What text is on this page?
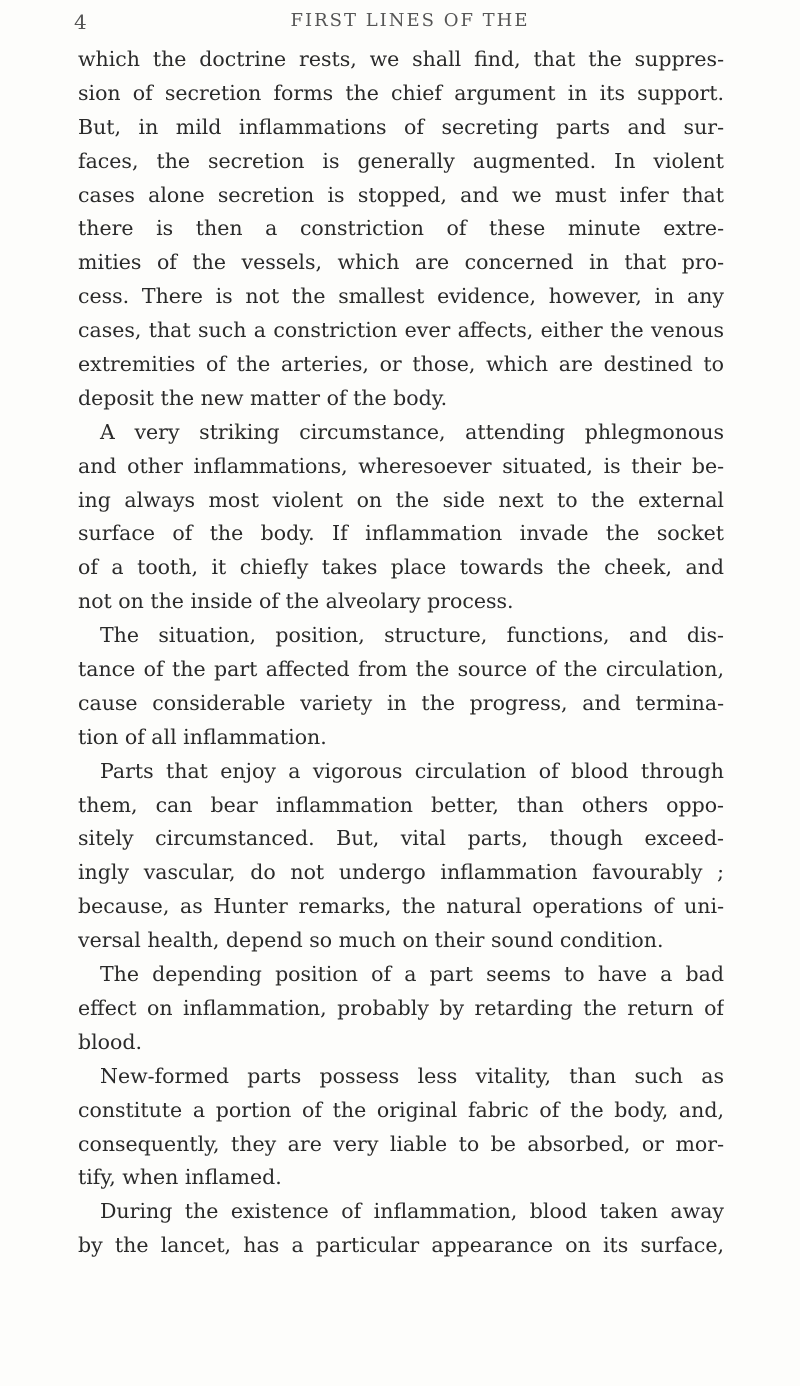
4	FIRST LINES OF THE
which the doctrine rests, we shall find, that the suppres-
sion of secretion forms the chief argument in its support.
But, in mild inflammations of secreting parts and sur-
faces, the secretion is generally augmented. In violent
cases alone secretion is stopped, and we must infer that
there is then a constriction of these minute extre-
mities of the vessels, which are concerned in that pro-
cess. There is not the smallest evidence, however, in any
cases, that such a constriction ever affects, either the venous
extremities of the arteries, or those, which are destined to
deposit the new matter of the body.
A very striking circumstance, attending phlegmonous
and other inflammations, wheresoever situated, is their be-
ing always most violent on the side next to the external
surface of the body. If inflammation invade the socket
of a tooth, it chiefly takes place towards the cheek, and
not on the inside of the alveolary process.
The situation, position, structure, functions, and dis-
tance of the part affected from the source of the circulation,
cause considerable variety in the progress, and termina-
tion of all inflammation.
Parts that enjoy a vigorous circulation of blood through
them, can bear inflammation better, than others oppo-
sitely circumstanced. But, vital parts, though exceed-
ingly vascular, do not undergo inflammation favourably ;
because, as Hunter remarks, the natural operations of uni-
versal health, depend so much on their sound condition.
The depending position of a part seems to have a bad
effect on inflammation, probably by retarding the return of
blood.
New-formed parts possess less vitality, than such as
constitute a portion of the original fabric of the body, and,
consequently, they are very liable to be absorbed, or mor-
tify, when inflamed.
During the existence of inflammation, blood taken away
by the lancet, has a particular appearance on its surface,
